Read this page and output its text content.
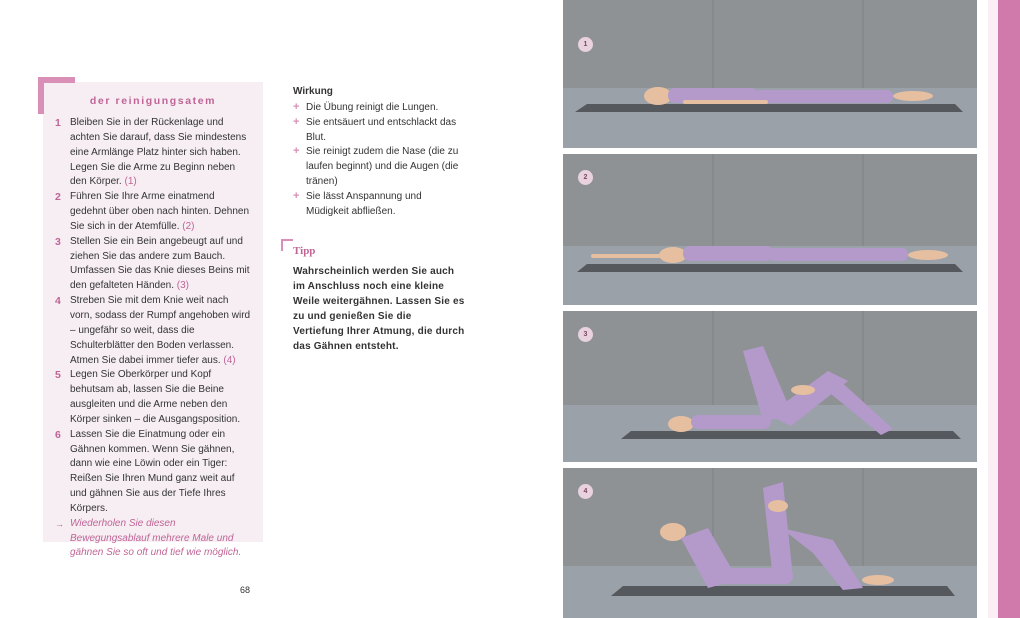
der reinigungsatem
1 Bleiben Sie in der Rückenlage und achten Sie darauf, dass Sie mindestens eine Armlänge Platz hinter sich haben. Legen Sie die Arme zu Beginn neben den Körper. (1)
2 Führen Sie Ihre Arme einatmend gedehnt über oben nach hinten. Dehnen Sie sich in der Atemfülle. (2)
3 Stellen Sie ein Bein angebeugt auf und ziehen Sie das andere zum Bauch. Umfassen Sie das Knie dieses Beins mit den gefalteten Händen. (3)
4 Streben Sie mit dem Knie weit nach vorn, sodass der Rumpf angehoben wird – ungefähr so weit, dass die Schulterblätter den Boden verlassen. Atmen Sie dabei immer tiefer aus. (4)
5 Legen Sie Oberkörper und Kopf behutsam ab, lassen Sie die Beine ausgleiten und die Arme neben den Körper sinken – die Ausgangsposition.
6 Lassen Sie die Einatmung oder ein Gähnen kommen. Wenn Sie gähnen, dann wie eine Löwin oder ein Tiger: Reißen Sie Ihren Mund ganz weit auf und gähnen Sie aus der Tiefe Ihres Körpers.
→ Wiederholen Sie diesen Bewegungsablauf mehrere Male und gähnen Sie so oft und tief wie möglich.
68
Wirkung
+ Die Übung reinigt die Lungen.
+ Sie entsäuert und entschlackt das Blut.
+ Sie reinigt zudem die Nase (die zu laufen beginnt) und die Augen (die tränen)
+ Sie lässt Anspannung und Müdigkeit abfließen.
Tipp
Wahrscheinlich werden Sie auch im Anschluss noch eine kleine Weile weitergähnen. Lassen Sie es zu und genießen Sie die Vertiefung Ihrer Atmung, die durch das Gähnen entsteht.
1
2
3
4
